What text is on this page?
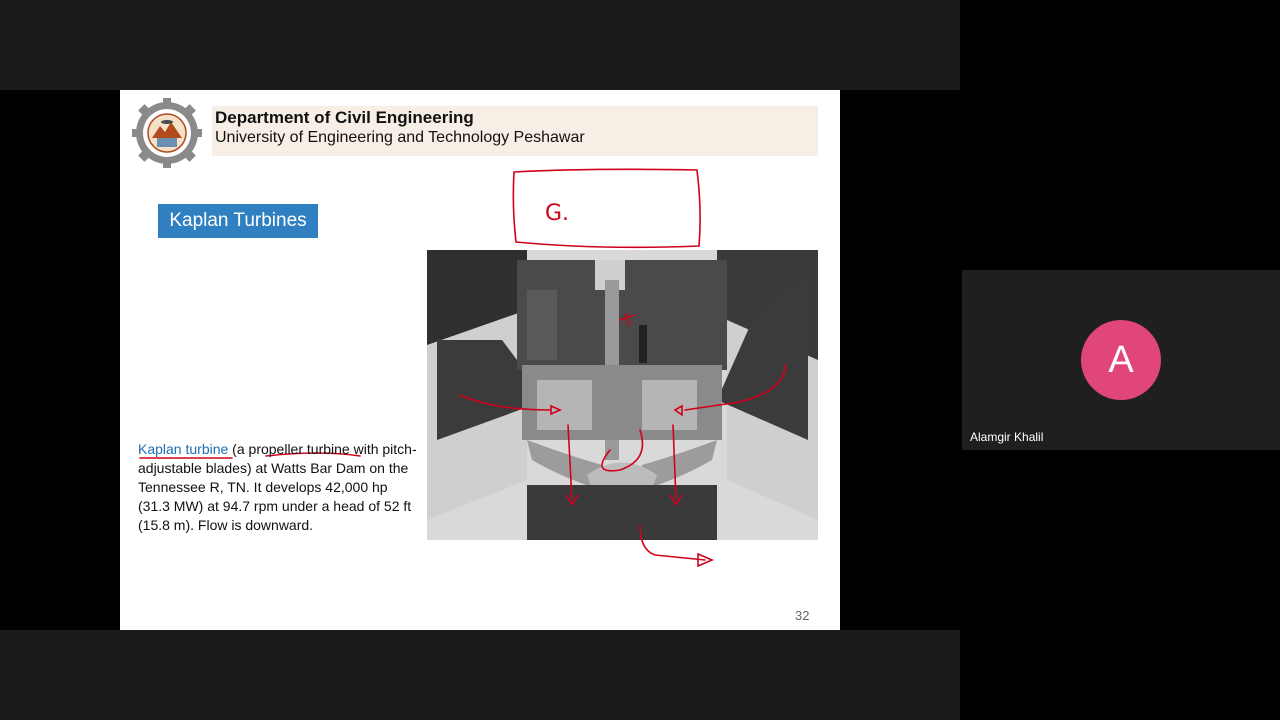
Department of Civil Engineering
University of Engineering and Technology Peshawar
Kaplan Turbines	G.
Kaplan turbine (a propeller turbine with pitch-adjustable blades) at Watts Bar Dam on the Tennessee R, TN. It develops 42,000 hp (31.3 MW) at 94.7 rpm under a head of 52 ft (15.8 m). Flow is downward.
32
A
Alamgir Khalil
